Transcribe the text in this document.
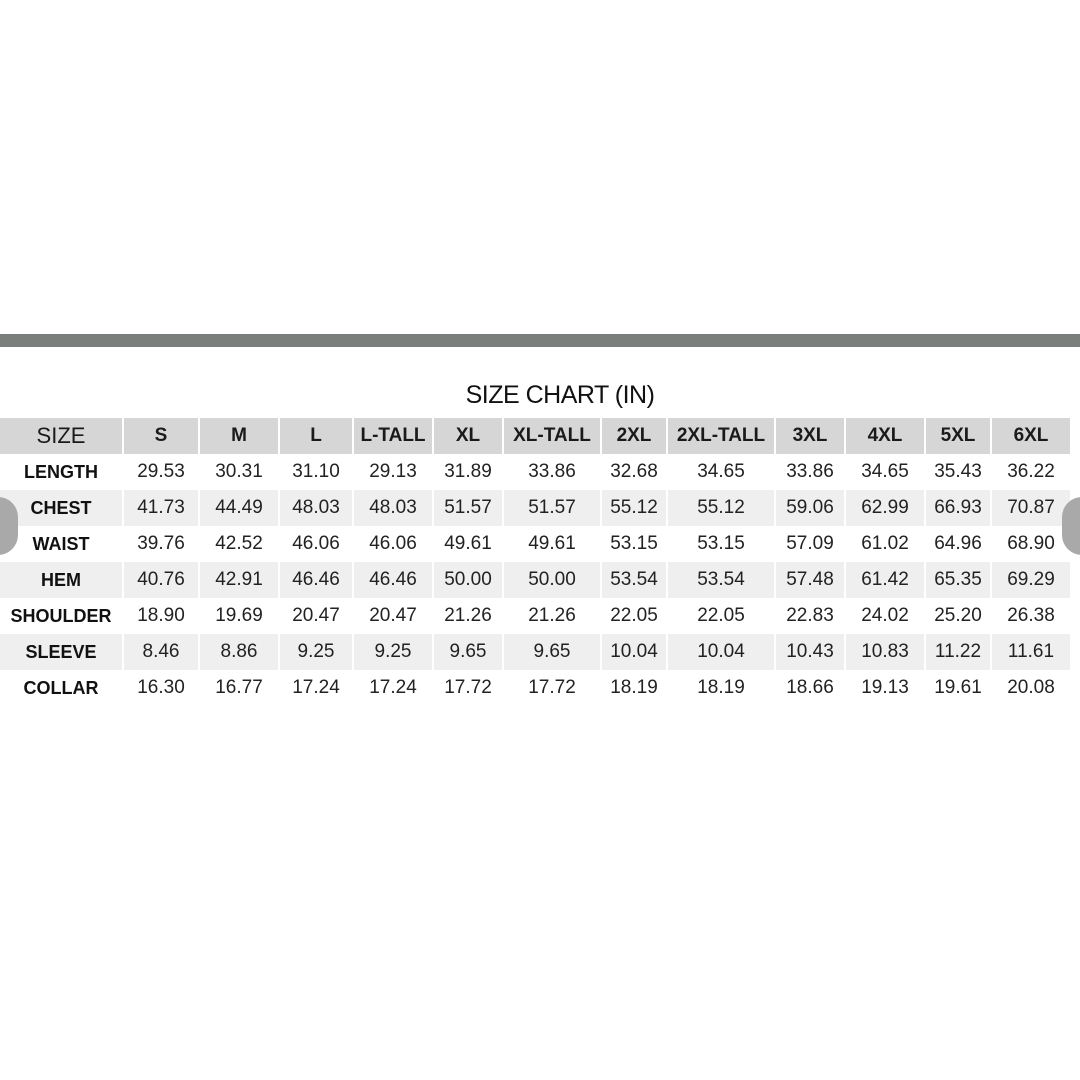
SIZE CHART (IN)
SIZE	S	M	L	L-TALL	XL	XL-TALL	2XL	2XL-TALL	3XL	4XL	5XL	6XL
LENGTH	29.53	30.31	31.10	29.13	31.89	33.86	32.68	34.65	33.86	34.65	35.43	36.22
CHEST	41.73	44.49	48.03	48.03	51.57	51.57	55.12	55.12	59.06	62.99	66.93	70.87
WAIST	39.76	42.52	46.06	46.06	49.61	49.61	53.15	53.15	57.09	61.02	64.96	68.90
HEM	40.76	42.91	46.46	46.46	50.00	50.00	53.54	53.54	57.48	61.42	65.35	69.29
SHOULDER	18.90	19.69	20.47	20.47	21.26	21.26	22.05	22.05	22.83	24.02	25.20	26.38
SLEEVE	8.46	8.86	9.25	9.25	9.65	9.65	10.04	10.04	10.43	10.83	11.22	11.61
COLLAR	16.30	16.77	17.24	17.24	17.72	17.72	18.19	18.19	18.66	19.13	19.61	20.08
